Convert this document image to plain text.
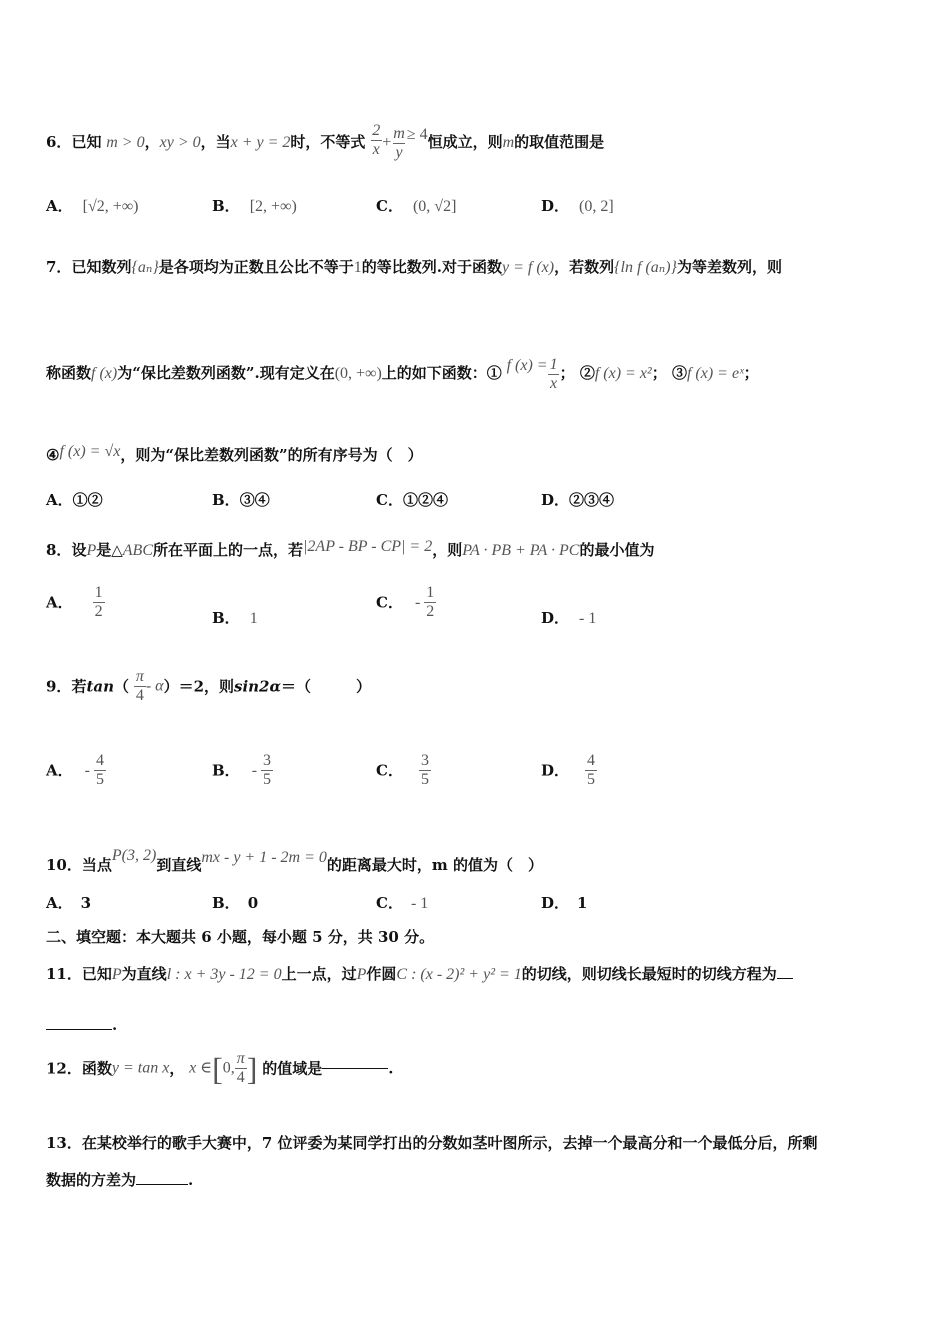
6．已知 m > 0，xy > 0，当x + y = 2时，不等式 $\frac{2}{x} + \frac{m}{y} \ge 4$恒成立，则m的取值范围是
A． [√2, +∞)	B． [2, +∞)	C． (0, √2]	D． (0, 2]
7．已知数列{aₙ}是各项均为正数且公比不等于1的等比数列.对于函数y = f (x)，若数列{ln f (aₙ)}为等差数列，则
称函数f (x)为“保比差数列函数”.现有定义在(0, +∞)上的如下函数：① f $(x) = \frac{1}{x}$ ； ②f (x) = x²； ③f (x) = eˣ；
④f (x) = √x，则为“保比差数列函数”的所有序号为（　）
A．①②	B．③④	C．①②④	D．②③④
8．设P是△ABC所在平面上的一点，若|2AP - BP - CP| = 2，则PA · PB + PA · PC的最小值为
A． $\frac{1}{2}$	B． 1
C． - $\frac{1}{2}$	D． - 1
9．若$\tan( \frac{\pi}{4} - \alpha)=2$，则sin2α＝（　　　）
A． - $\frac{4}{5}$	B． - $\frac{3}{5}$	C． $\frac{3}{5}$	D． $\frac{4}{5}$
10．当点P(3, 2)到直线mx - y + 1 - 2m = 0的距离最大时，m 的值为（　）
A． 3	B． 0	C． - 1	D． 1
二、填空题：本大题共 6 小题，每小题 5 分，共 30 分。
11．已知P为直线l : x + 3y - 12 = 0上一点，过P作圆C : (x - 2)² + y² = 1的切线，则切线长最短时的切线方程为
.
12．函数y = tan x， x ∈[0, $\frac{\pi}{4}$ ] 的值域是	.
13．在某校举行的歌手大赛中，7 位评委为某同学打出的分数如茎叶图所示，去掉一个最高分和一个最低分后，所剩
数据的方差为	.
